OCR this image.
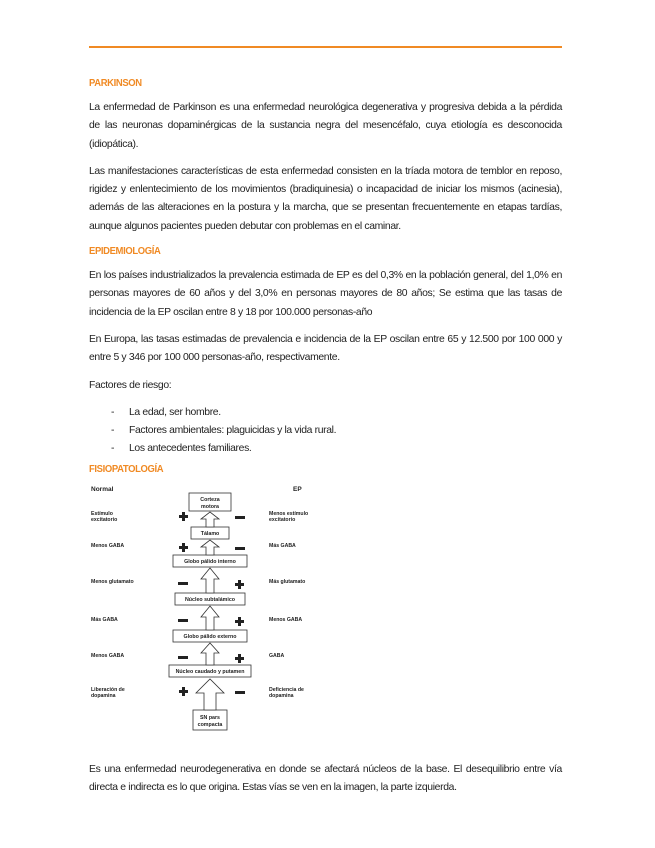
PARKINSON

La enfermedad de Parkinson es una enfermedad neurológica degenerativa y progresiva debida a la pérdida de las neuronas dopaminérgicas de la sustancia negra del mesencéfalo, cuya etiología es desconocida (idiopática).

Las manifestaciones características de esta enfermedad consisten en la tríada motora de temblor en reposo, rigidez y enlentecimiento de los movimientos (bradiquinesia) o incapacidad de iniciar los mismos (acinesia), además de las alteraciones en la postura y la marcha, que se presentan frecuentemente en etapas tardías, aunque algunos pacientes pueden debutar con problemas en el caminar.

EPIDEMIOLOGÍA

En los países industrializados la prevalencia estimada de EP es del 0,3% en la población general, del 1,0% en personas mayores de 60 años y del 3,0% en personas mayores de 80 años; Se estima que las tasas de incidencia de la EP oscilan entre 8 y 18 por 100.000 personas-año

En Europa, las tasas estimadas de prevalencia e incidencia de la EP oscilan entre 65 y 12.500 por 100 000 y entre 5 y 346 por 100 000 personas-año, respectivamente.

Factores de riesgo:

- La edad, ser hombre.
- Factores ambientales: plaguicidas y la vida rural.
- Los antecedentes familiares.
FISIOPATOLOGÍA
Normal	EP
Corteza
motora
Tálamo
Globo pálido interno
Núcleo subtalámico
Globo pálido externo
Núcleo caudado y putamen
SN pars
compacta
Estímulo
excitatorio
Menos GABA
Menos glutamato
Más GABA
Menos GABA
Liberación de
dopamina
Menos estímulo
excitatorio
Más GABA
Más glutamato
Menos GABA
GABA
Deficiencia de
dopamina

Es una enfermedad neurodegenerativa en donde se afectará núcleos de la base. El desequilibrio entre vía directa e indirecta es lo que origina. Estas vías se ven en la imagen, la parte izquierda.
